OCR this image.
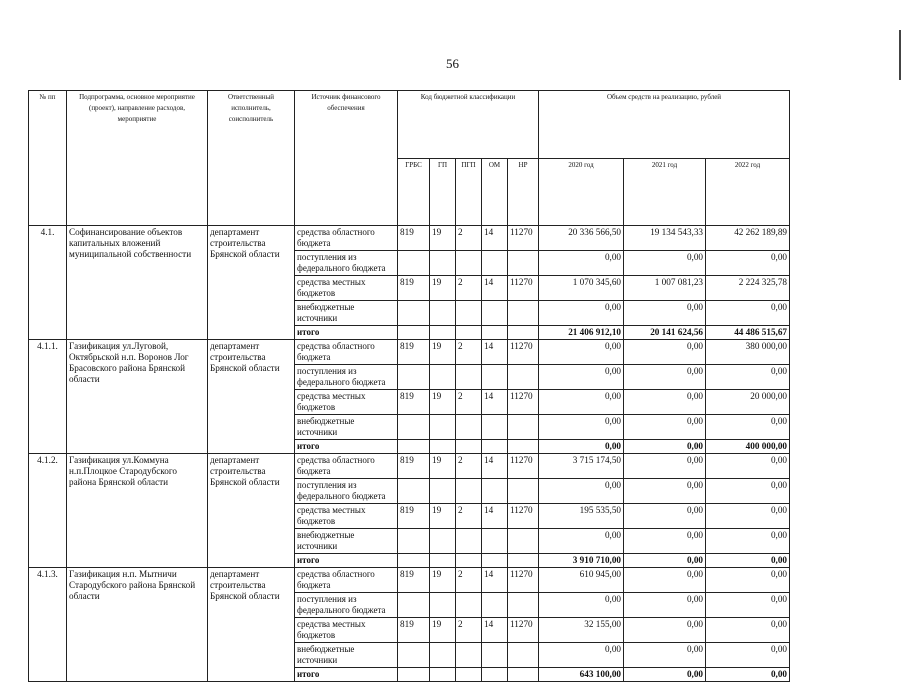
56
№ пп	Подпрограмма, основное мероприятие (проект), направление расходов, мероприятие	Ответственный исполнитель, соисполнитель	Источник финансового обеспечения	Код бюджетной классификации					Объем средств на реализацию, рублей	
				ГРБС	ГП	ПГП	ОМ	НР	2020 год	2021 год	2022 год	
4.1.	Софинансирование объектов капитальных вложений муниципальной собственности	департамент строительства Брянской области	средства областного бюджета	819	19	2	14	11270	20 336 566,50	19 134 543,33	42 262 189,89	
			поступления из федерального бюджета						0,00	0,00	0,00	
			средства местных бюджетов	819	19	2	14	11270	1 070 345,60	1 007 081,23	2 224 325,78	
			внебюджетные источники						0,00	0,00	0,00	
			итого						21 406 912,10	20 141 624,56	44 486 515,67	
4.1.1.	Газификация ул.Луговой, Октябрьской н.п. Воронов Лог Брасовского района Брянской области	департамент строительства Брянской области	средства областного бюджета	819	19	2	14	11270	0,00	0,00	380 000,00	
			поступления из федерального бюджета						0,00	0,00	0,00	
			средства местных бюджетов	819	19	2	14	11270	0,00	0,00	20 000,00	
			внебюджетные источники						0,00	0,00	0,00	
			итого						0,00	0,00	400 000,00	
4.1.2.	Газификация ул.Коммуна н.п.Плоцкое Стародубского района Брянской области	департамент строительства Брянской области	средства областного бюджета	819	19	2	14	11270	3 715 174,50	0,00	0,00	
			поступления из федерального бюджета						0,00	0,00	0,00	
			средства местных бюджетов	819	19	2	14	11270	195 535,50	0,00	0,00	
			внебюджетные источники						0,00	0,00	0,00	
			итого						3 910 710,00	0,00	0,00	
4.1.3.	Газификация н.п. Мытничи Стародубского района Брянской области	департамент строительства Брянской области	средства областного бюджета	819	19	2	14	11270	610 945,00	0,00	0,00	
			поступления из федерального бюджета						0,00	0,00	0,00	
			средства местных бюджетов	819	19	2	14	11270	32 155,00	0,00	0,00	
			внебюджетные источники						0,00	0,00	0,00	
			итого						643 100,00	0,00	0,00	
